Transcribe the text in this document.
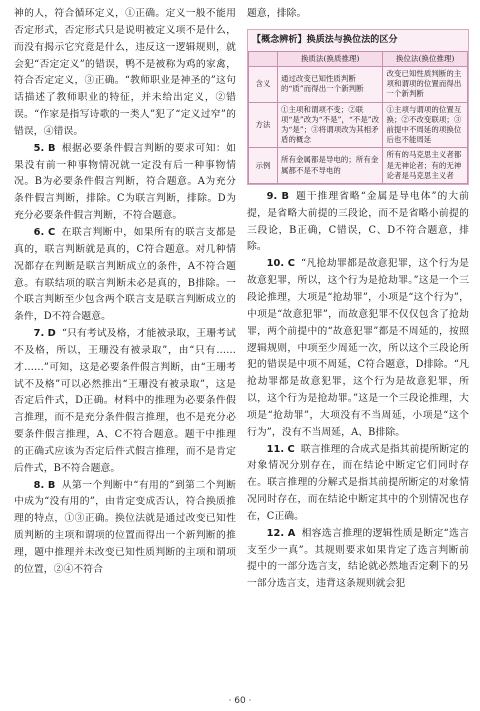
神的人，符合循环定义，①正确。定义一般不能用否定形式，否定形式只是说明被定义项不是什么，而没有揭示它究竟是什么，违反这一逻辑规则，就会犯“否定定义”的错误，鸭不是被称为鸡的家禽，符合否定定义，③正确。“教师职业是神圣的”这句话描述了教师职业的特征，并未给出定义，②错误。“作家是指写诗歌的一类人”犯了“定义过窄”的错误，④错误。

5. B 根据必要条件假言判断的要求可知：如果没有前一种事物情况就一定没有后一种事物情况。B为必要条件假言判断，符合题意。A为充分条件假言判断，排除。C为联言判断，排除。D为充分必要条件假言判断，不符合题意。

6. C 在联言判断中，如果所有的联言支都是真的，联言判断就是真的，C符合题意。对几种情况都存在判断是联言判断成立的条件，A不符合题意。有联结项的联言判断未必是真的，B排除。一个联言判断至少包含两个联言支是联言判断成立的条件，D不符合题意。

7. D “只有考试及格，才能被录取，王珊考试不及格，所以，王珊没有被录取”，由“只有……才……”可知，这是必要条件假言判断，由“王珊考试不及格”可以必然推出“王珊没有被录取”，这是否定后件式，D正确。材料中的推理为必要条件假言推理，而不是充分条件假言推理，也不是充分必要条件假言推理，A、C不符合题意。题干中推理的正确式应该为否定后件式假言推理，而不是肯定后件式，B不符合题意。

8. B 从第一个判断中“有用的”到第二个判断中成为“没有用的”，由肯定变成否认，符合换质推理的特点，①③正确。换位法就是通过改变已知性质判断的主项和谓项的位置而得出一个新判断的推理，题中推理并未改变已知性质判断的主项和谓项的位置，②④不符合

题意，排除。

【概念辨析】换质法与换位法的区分
	换质法(换质推理)	换位法(换位推理)
含义	通过改变已知性质判断的“质”而得出一个新判断	改变已知性质判断的主项和谓项的位置而得出一个新判断
方法	①主项和谓项不变；②联项“是”改为“不是”，“不是”改为“是”；③将谓项改为其相矛盾的概念	①主项与谓项的位置互换；②不改变联项；③前提中不周延的项换位后也不能周延
示例	所有金属都是导电的；所有金属都不是不导电的	所有的马克思主义者都是无神论者；有的无神论者是马克思主义者

9. B 题干推理省略“金属是导电体”的大前提，是省略大前提的三段论，而不是省略小前提的三段论，B正确，C错误，C、D不符合题意，排除。

10. C “凡抢劫罪都是故意犯罪，这个行为是故意犯罪，所以，这个行为是抢劫罪。”这是一个三段论推理，大项是“抢劫罪”，小项是“这个行为”，中项是“故意犯罪”，而故意犯罪不仅仅包含了抢劫罪，两个前提中的“故意犯罪”都是不周延的，按照逻辑规则，中项至少周延一次，所以这个三段论所犯的错误是中项不周延，C符合题意，D排除。“凡抢劫罪都是故意犯罪，这个行为是故意犯罪，所以，这个行为是抢劫罪。”这是一个三段论推理，大项是“抢劫罪”，大项没有不当周延，小项是“这个行为”，没有不当周延，A、B排除。

11. C 联言推理的合成式是指其前提所断定的对象情况分别存在，而在结论中断定它们同时存在。联言推理的分解式是指其前提所断定的对象情况同时存在，而在结论中断定其中的个别情况也存在，C正确。

12. A 相容选言推理的逻辑性质是断定“选言支至少一真”。其规则要求如果肯定了选言判断前提中的一部分选言支，结论就必然地否定剩下的另一部分选言支，违背这条规则就会犯

· 60 ·
